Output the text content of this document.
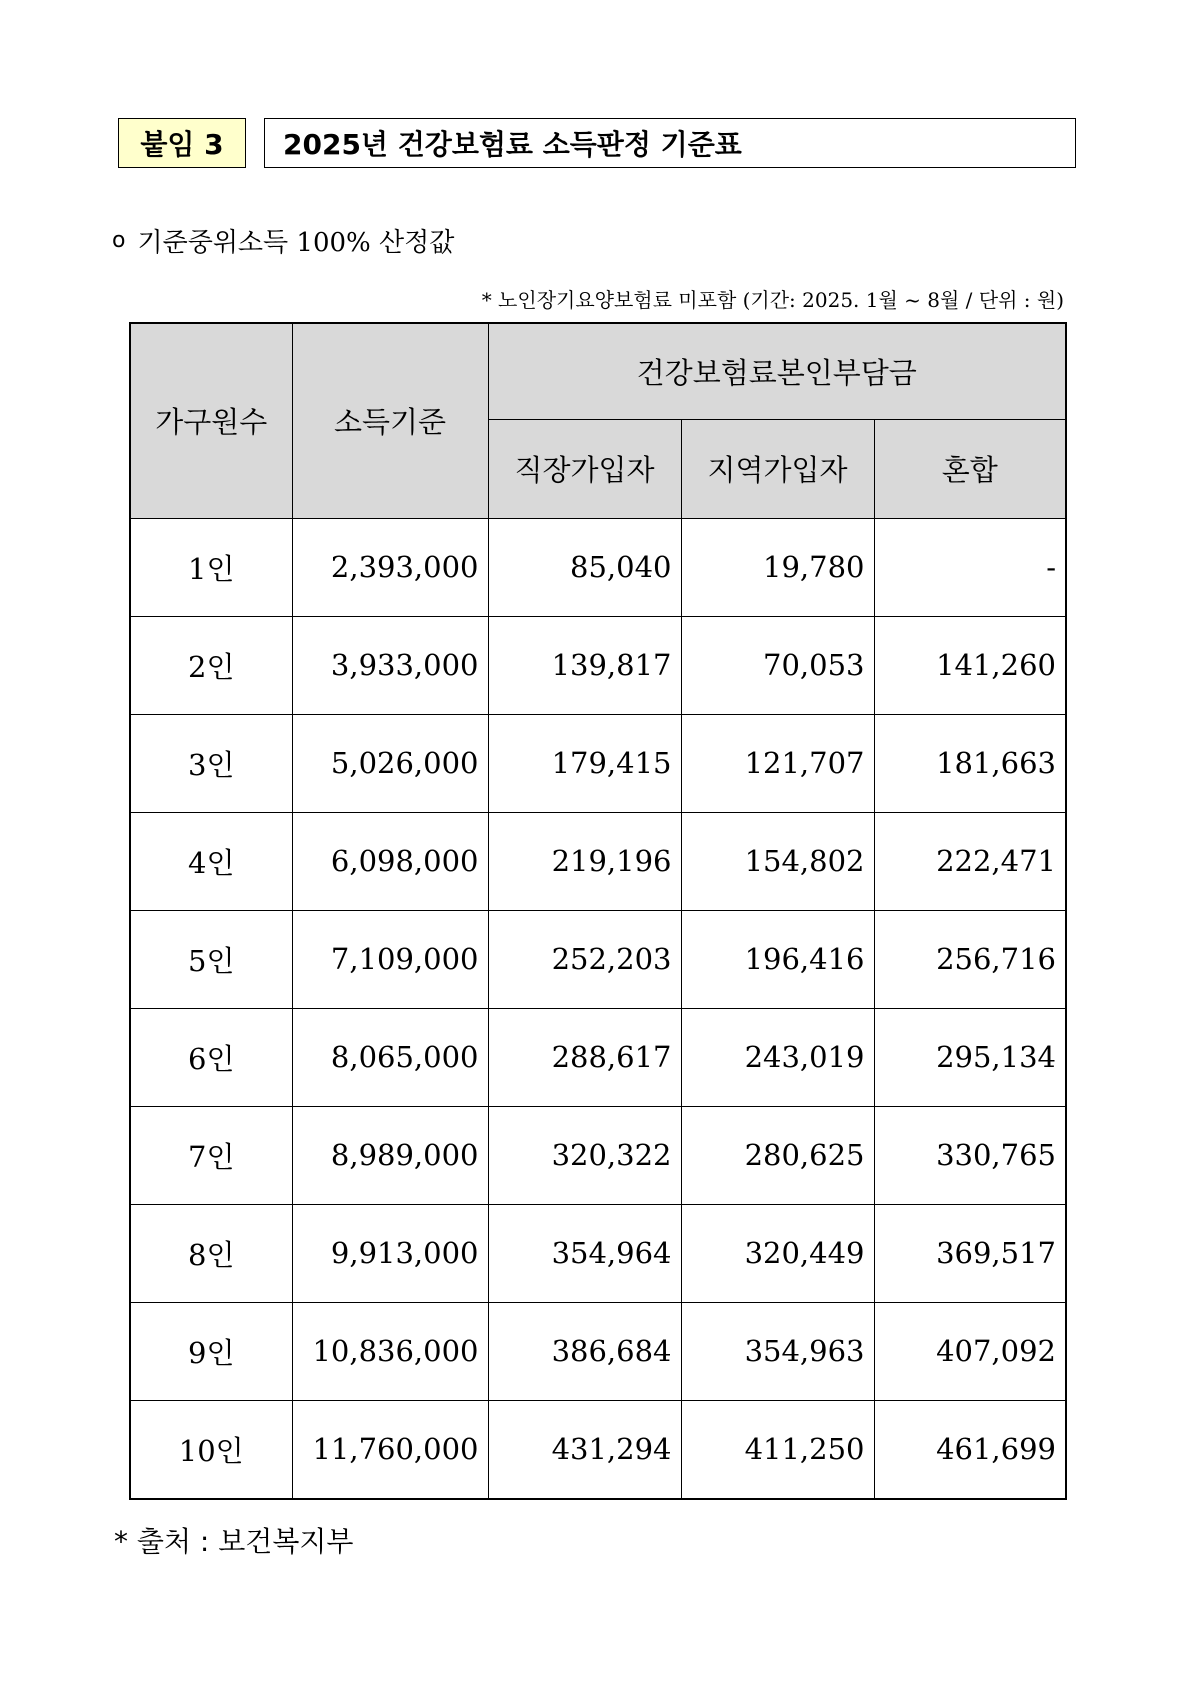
붙임 3	2025년 건강보험료 소득판정 기준표
o 기준중위소득 100% 산정값
* 노인장기요양보험료 미포함 (기간: 2025. 1월 ~ 8월 / 단위 : 원)
가구원수	소득기준	건강보험료본인부담금		
		직장가입자	지역가입자	혼합
1인	2,393,000	85,040	19,780	-
2인	3,933,000	139,817	70,053	141,260
3인	5,026,000	179,415	121,707	181,663
4인	6,098,000	219,196	154,802	222,471
5인	7,109,000	252,203	196,416	256,716
6인	8,065,000	288,617	243,019	295,134
7인	8,989,000	320,322	280,625	330,765
8인	9,913,000	354,964	320,449	369,517
9인	10,836,000	386,684	354,963	407,092
10인	11,760,000	431,294	411,250	461,699
* 출처 : 보건복지부
